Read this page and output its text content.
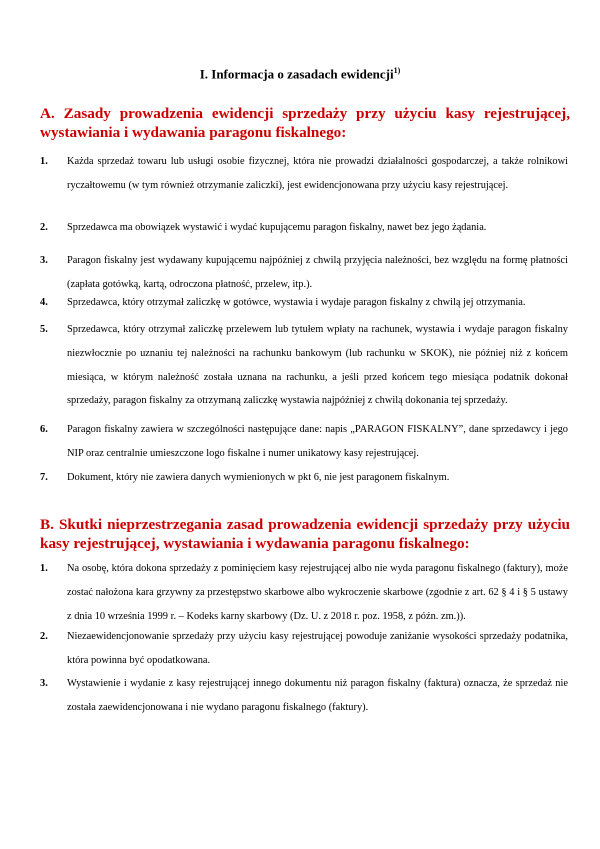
I. Informacja o zasadach ewidencji$^{1)}$
A. Zasady prowadzenia ewidencji sprzedaży przy użyciu kasy rejestrującej,
wystawiania i wydawania paragonu fiskalnego:
1. Każda sprzedaż towaru lub usługi osobie fizycznej, która nie prowadzi działalności gospodarczej, a także rolnikowi ryczałtowemu (w tym również otrzymanie zaliczki), jest ewidencjonowana przy użyciu kasy rejestrującej.
2. Sprzedawca ma obowiązek wystawić i wydać kupującemu paragon fiskalny, nawet bez jego żądania.
3. Paragon fiskalny jest wydawany kupującemu najpóźniej z chwilą przyjęcia należności, bez względu na formę płatności (zapłata gotówką, kartą, odroczona płatność, przelew, itp.).
4. Sprzedawca, który otrzymał zaliczkę w gotówce, wystawia i wydaje paragon fiskalny z chwilą jej otrzymania.
5. Sprzedawca, który otrzymał zaliczkę przelewem lub tytułem wpłaty na rachunek, wystawia i wydaje paragon fiskalny niezwłocznie po uznaniu tej należności na rachunku bankowym (lub rachunku w SKOK), nie później niż z końcem miesiąca, w którym należność została uznana na rachunku, a jeśli przed końcem tego miesiąca podatnik dokonał sprzedaży, paragon fiskalny za otrzymaną zaliczkę wystawia najpóźniej z chwilą dokonania tej sprzedaży.
6. Paragon fiskalny zawiera w szczególności następujące dane: napis „PARAGON FISKALNY”, dane sprzedawcy i jego NIP oraz centralnie umieszczone logo fiskalne i numer unikatowy kasy rejestrującej.
7. Dokument, który nie zawiera danych wymienionych w pkt 6, nie jest paragonem fiskalnym.
B. Skutki nieprzestrzegania zasad prowadzenia ewidencji sprzedaży przy użyciu
kasy rejestrującej, wystawiania i wydawania paragonu fiskalnego:
1. Na osobę, która dokona sprzedaży z pominięciem kasy rejestrującej albo nie wyda paragonu fiskalnego (faktury), może zostać nałożona kara grzywny za przestępstwo skarbowe albo wykroczenie skarbowe (zgodnie z art. 62 § 4 i § 5 ustawy z dnia 10 września 1999 r. – Kodeks karny skarbowy (Dz. U. z 2018 r. poz. 1958, z późn. zm.)).
2. Niezaewidencjonowanie sprzedaży przy użyciu kasy rejestrującej powoduje zaniżanie wysokości sprzedaży podatnika, która powinna być opodatkowana.
3. Wystawienie i wydanie z kasy rejestrującej innego dokumentu niż paragon fiskalny (faktura) oznacza, że sprzedaż nie została zaewidencjonowana i nie wydano paragonu fiskalnego (faktury).
